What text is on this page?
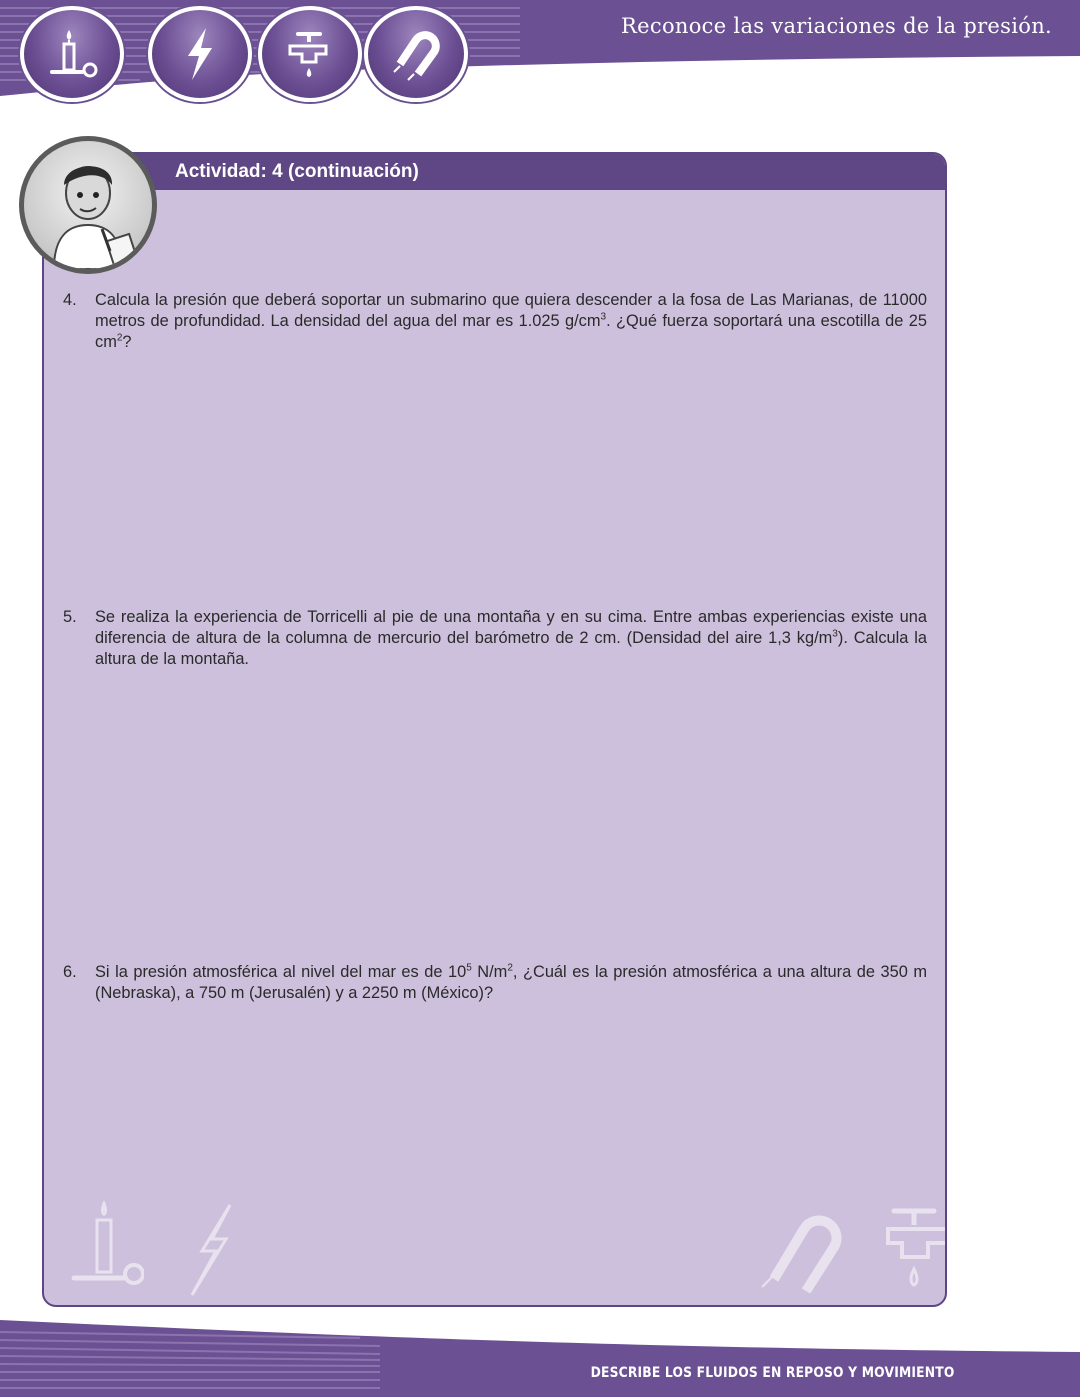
Reconoce las variaciones de la presión.
Actividad: 4 (continuación)
4. Calcula la presión que deberá soportar un submarino que quiera descender a la fosa de Las Marianas, de 11000 metros de profundidad. La densidad del agua del mar es 1.025 $g/cm^3$. ¿Qué fuerza soportará una escotilla de 25 $cm^2$?
5. Se realiza la experiencia de Torricelli al pie de una montaña y en su cima. Entre ambas experiencias existe una diferencia de altura de la columna de mercurio del barómetro de 2 cm. (Densidad del aire 1,3 $kg/m^3$). Calcula la altura de la montaña.
6. Si la presión atmosférica al nivel del mar es de $10^5$ $N/m^2$, ¿Cuál es la presión atmosférica a una altura de 350 m (Nebraska), a 750 m (Jerusalén) y a 2250 m (México)?
DESCRIBE LOS FLUIDOS EN REPOSO Y MOVIMIENTO
